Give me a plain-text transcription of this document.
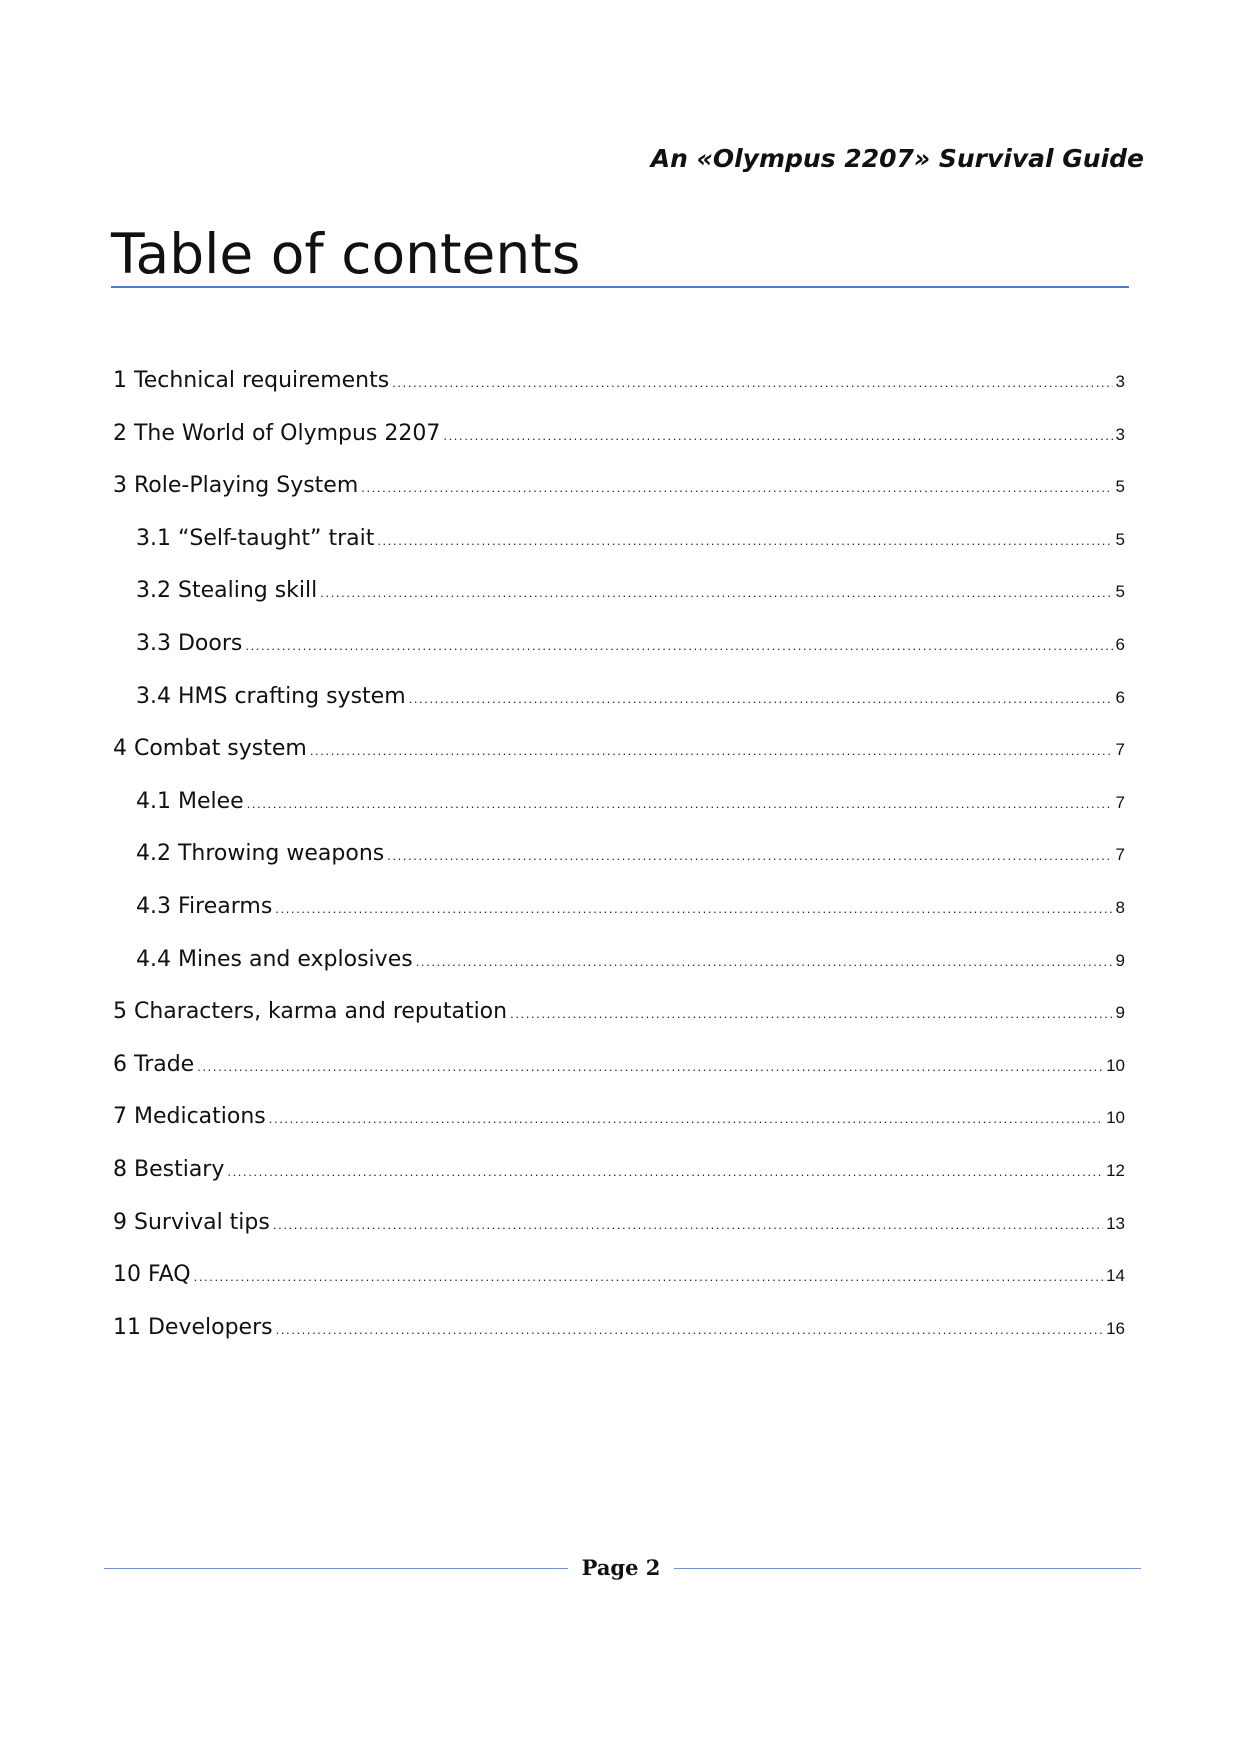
An «Olympus 2207» Survival Guide
Table of contents
1 Technical requirements .....	3
2 The World of Olympus 2207 .....	3
3 Role-Playing System .....	5
3.1 “Self-taught” trait .....	5
3.2 Stealing skill .....	5
3.3 Doors .....	6
3.4 HMS crafting system .....	6
4 Combat system .....	7
4.1 Melee .....	7
4.2 Throwing weapons .....	7
4.3 Firearms .....	8
4.4 Mines and explosives .....	9
5 Characters, karma and reputation .....	9
6 Trade .....	10
7 Medications .....	10
8 Bestiary .....	12
9 Survival tips .....	13
10 FAQ .....	14
11 Developers .....	16
Page 2
